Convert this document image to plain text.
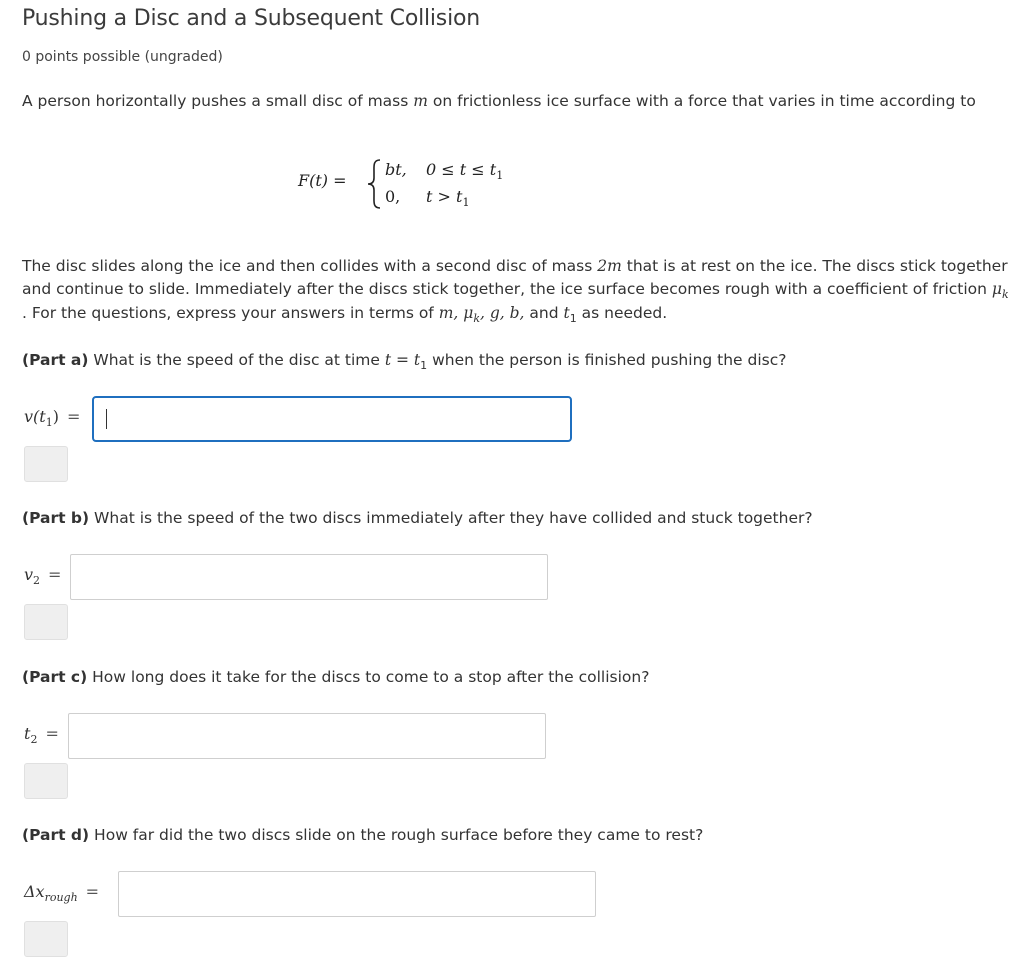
Pushing a Disc and a Subsequent Collision
0 points possible (ungraded)
A person horizontally pushes a small disc of mass m on frictionless ice surface with a force that varies in time according to
F(t) =
bt, $0 \le t \le t_1$
0, $t > t_1$
The disc slides along the ice and then collides with a second disc of mass 2m that is at rest on the ice. The discs stick together
and continue to slide. Immediately after the discs stick together, the ice surface becomes rough with a coefficient of friction $\mu_k$
. For the questions, express your answers in terms of m, $\mu_k$, g, b, and $t_1$ as needed.
(Part a) What is the speed of the disc at time $t = t_1$ when the person is finished pushing the disc?
$v(t_1)$ =
(Part b) What is the speed of the two discs immediately after they have collided and stuck together?
$v_2$ =
(Part c) How long does it take for the discs to come to a stop after the collision?
$t_2$ =
(Part d) How far did the two discs slide on the rough surface before they came to rest?
$\Delta x_{rough}$ =
